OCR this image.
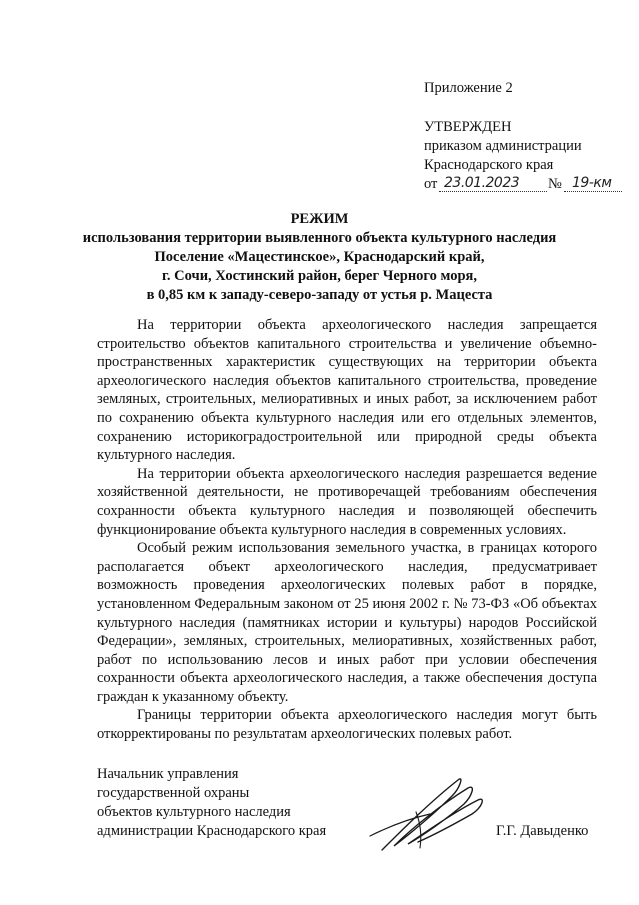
Приложение 2
УТВЕРЖДЕН
приказом администрации
Краснодарского края
от 23.01.2023 № 19-км
РЕЖИМ
использования территории выявленного объекта культурного наследия
Поселение «Мацестинское», Краснодарский край,
г. Сочи, Хостинский район, берег Черного моря,
в 0,85 км к западу-северо-западу от устья р. Мацеста

На территории объекта археологического наследия запрещается строительство объектов капитального строительства и увеличение объемно-пространственных характеристик существующих на территории объекта археологического наследия объектов капитального строительства, проведение земляных, строительных, мелиоративных и иных работ, за исключением работ по сохранению объекта культурного наследия или его отдельных элементов, сохранению историкоградостроительной или природной среды объекта культурного наследия.

На территории объекта археологического наследия разрешается ведение хозяйственной деятельности, не противоречащей требованиям обеспечения сохранности объекта культурного наследия и позволяющей обеспечить функционирование объекта культурного наследия в современных условиях.

Особый режим использования земельного участка, в границах которого располагается объект археологического наследия, предусматривает возможность проведения археологических полевых работ в порядке, установленном Федеральным законом от 25 июня 2002 г. № 73-ФЗ «Об объектах культурного наследия (памятниках истории и культуры) народов Российской Федерации», земляных, строительных, мелиоративных, хозяйственных работ, работ по использованию лесов и иных работ при условии обеспечения сохранности объекта археологического наследия, а также обеспечения доступа граждан к указанному объекту.

Границы территории объекта археологического наследия могут быть откорректированы по результатам археологических полевых работ.

Начальник управления
государственной охраны
объектов культурного наследия
администрации Краснодарского края	Г.Г. Давыденко
